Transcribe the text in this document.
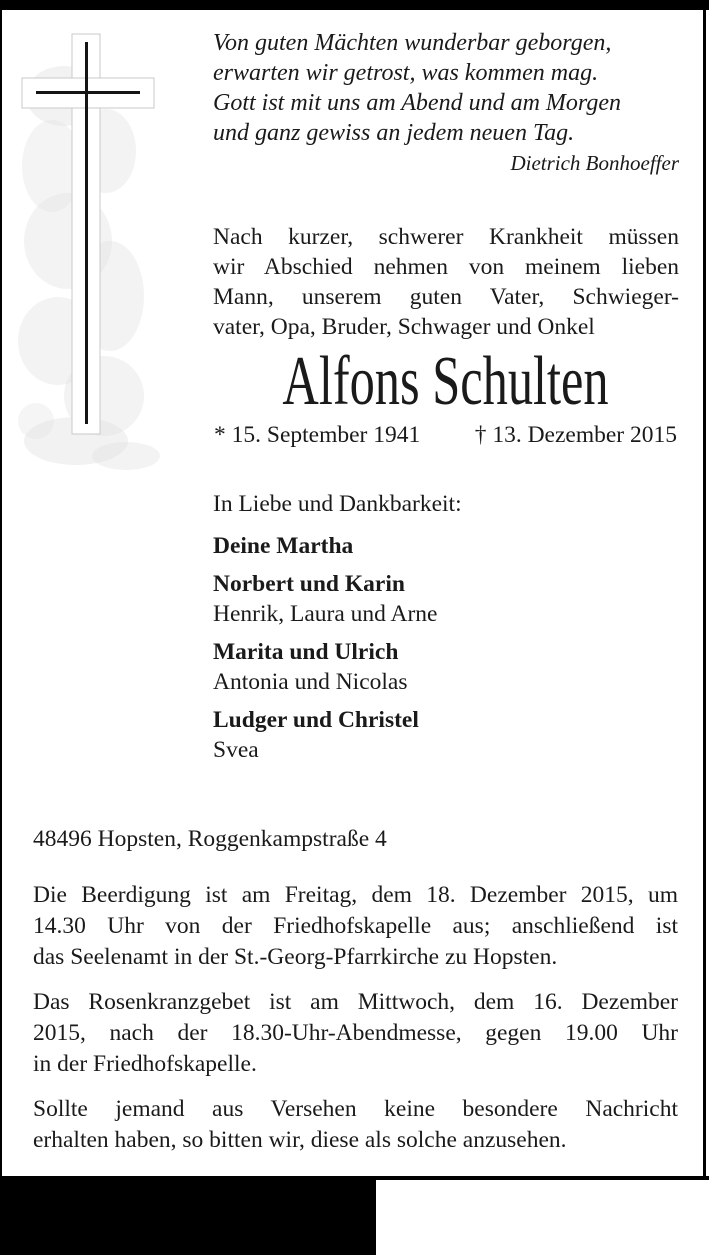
Von guten Mächten wunderbar geborgen,
erwarten wir getrost, was kommen mag.
Gott ist mit uns am Abend und am Morgen
und ganz gewiss an jedem neuen Tag.
Dietrich Bonhoeffer
Nach kurzer, schwerer Krankheit müssen
wir Abschied nehmen von meinem lieben
Mann, unserem guten Vater, Schwieger-
vater, Opa, Bruder, Schwager und Onkel
Alfons Schulten
* 15. September 1941 † 13. Dezember 2015
In Liebe und Dankbarkeit:
Deine Martha
Norbert und Karin
Henrik, Laura und Arne
Marita und Ulrich
Antonia und Nicolas
Ludger und Christel
Svea
48496 Hopsten, Roggenkampstraße 4
Die Beerdigung ist am Freitag, dem 18. Dezember 2015, um
14.30 Uhr von der Friedhofskapelle aus; anschließend ist
das Seelenamt in der St.-Georg-Pfarrkirche zu Hopsten.
Das Rosenkranzgebet ist am Mittwoch, dem 16. Dezember
2015, nach der 18.30-Uhr-Abendmesse, gegen 19.00 Uhr
in der Friedhofskapelle.
Sollte jemand aus Versehen keine besondere Nachricht
erhalten haben, so bitten wir, diese als solche anzusehen.
